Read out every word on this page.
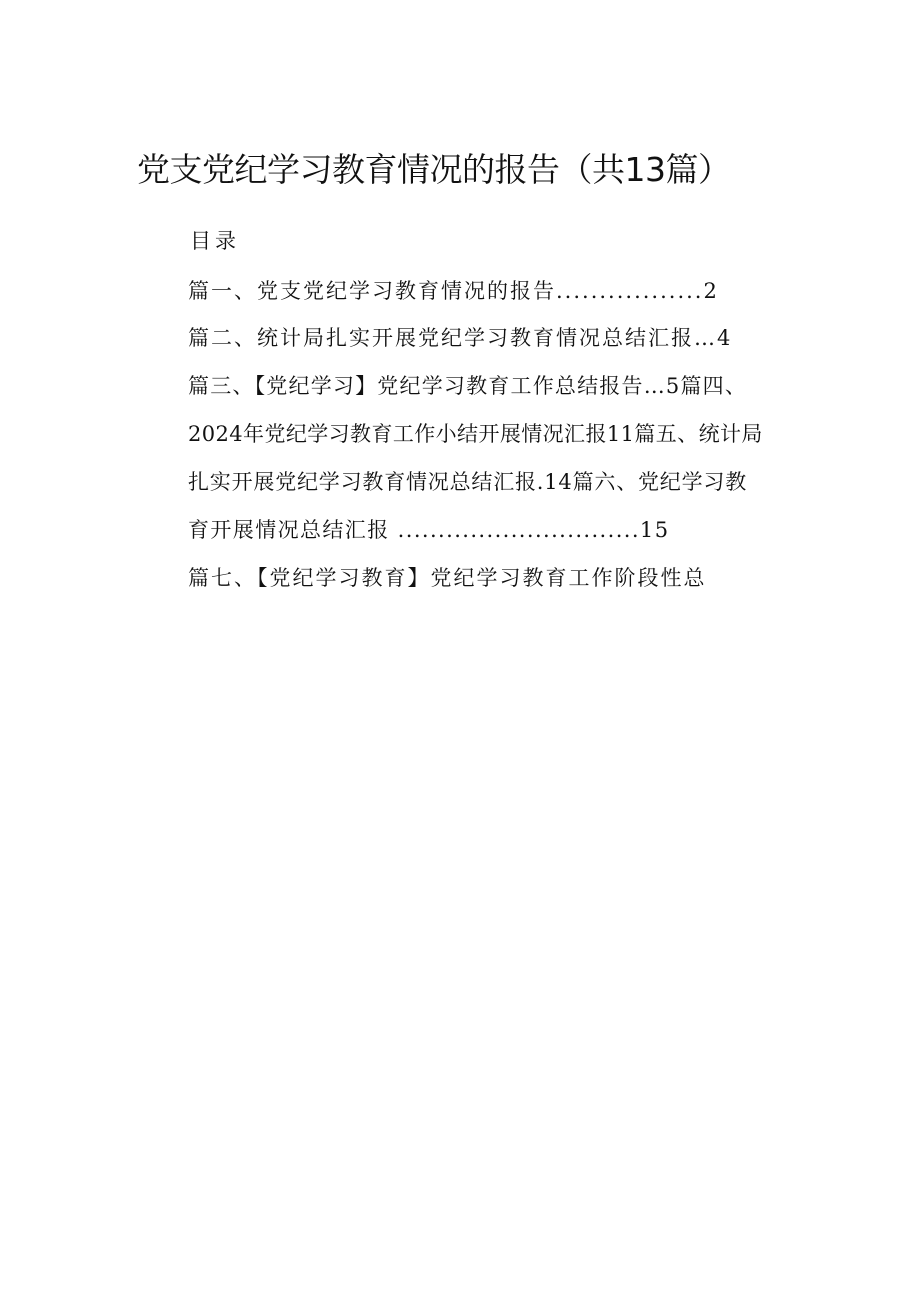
党支党纪学习教育情况的报告（共13篇）
目录
篇一、党支党纪学习教育情况的报告.................2
篇二、统计局扎实开展党纪学习教育情况总结汇报…4
篇三、【党纪学习】党纪学习教育工作总结报告…5篇四、
2024年党纪学习教育工作小结开展情况汇报11篇五、统计局
扎实开展党纪学习教育情况总结汇报.14篇六、党纪学习教
育开展情况总结汇报 ..............................15
篇七、【党纪学习教育】党纪学习教育工作阶段性总
